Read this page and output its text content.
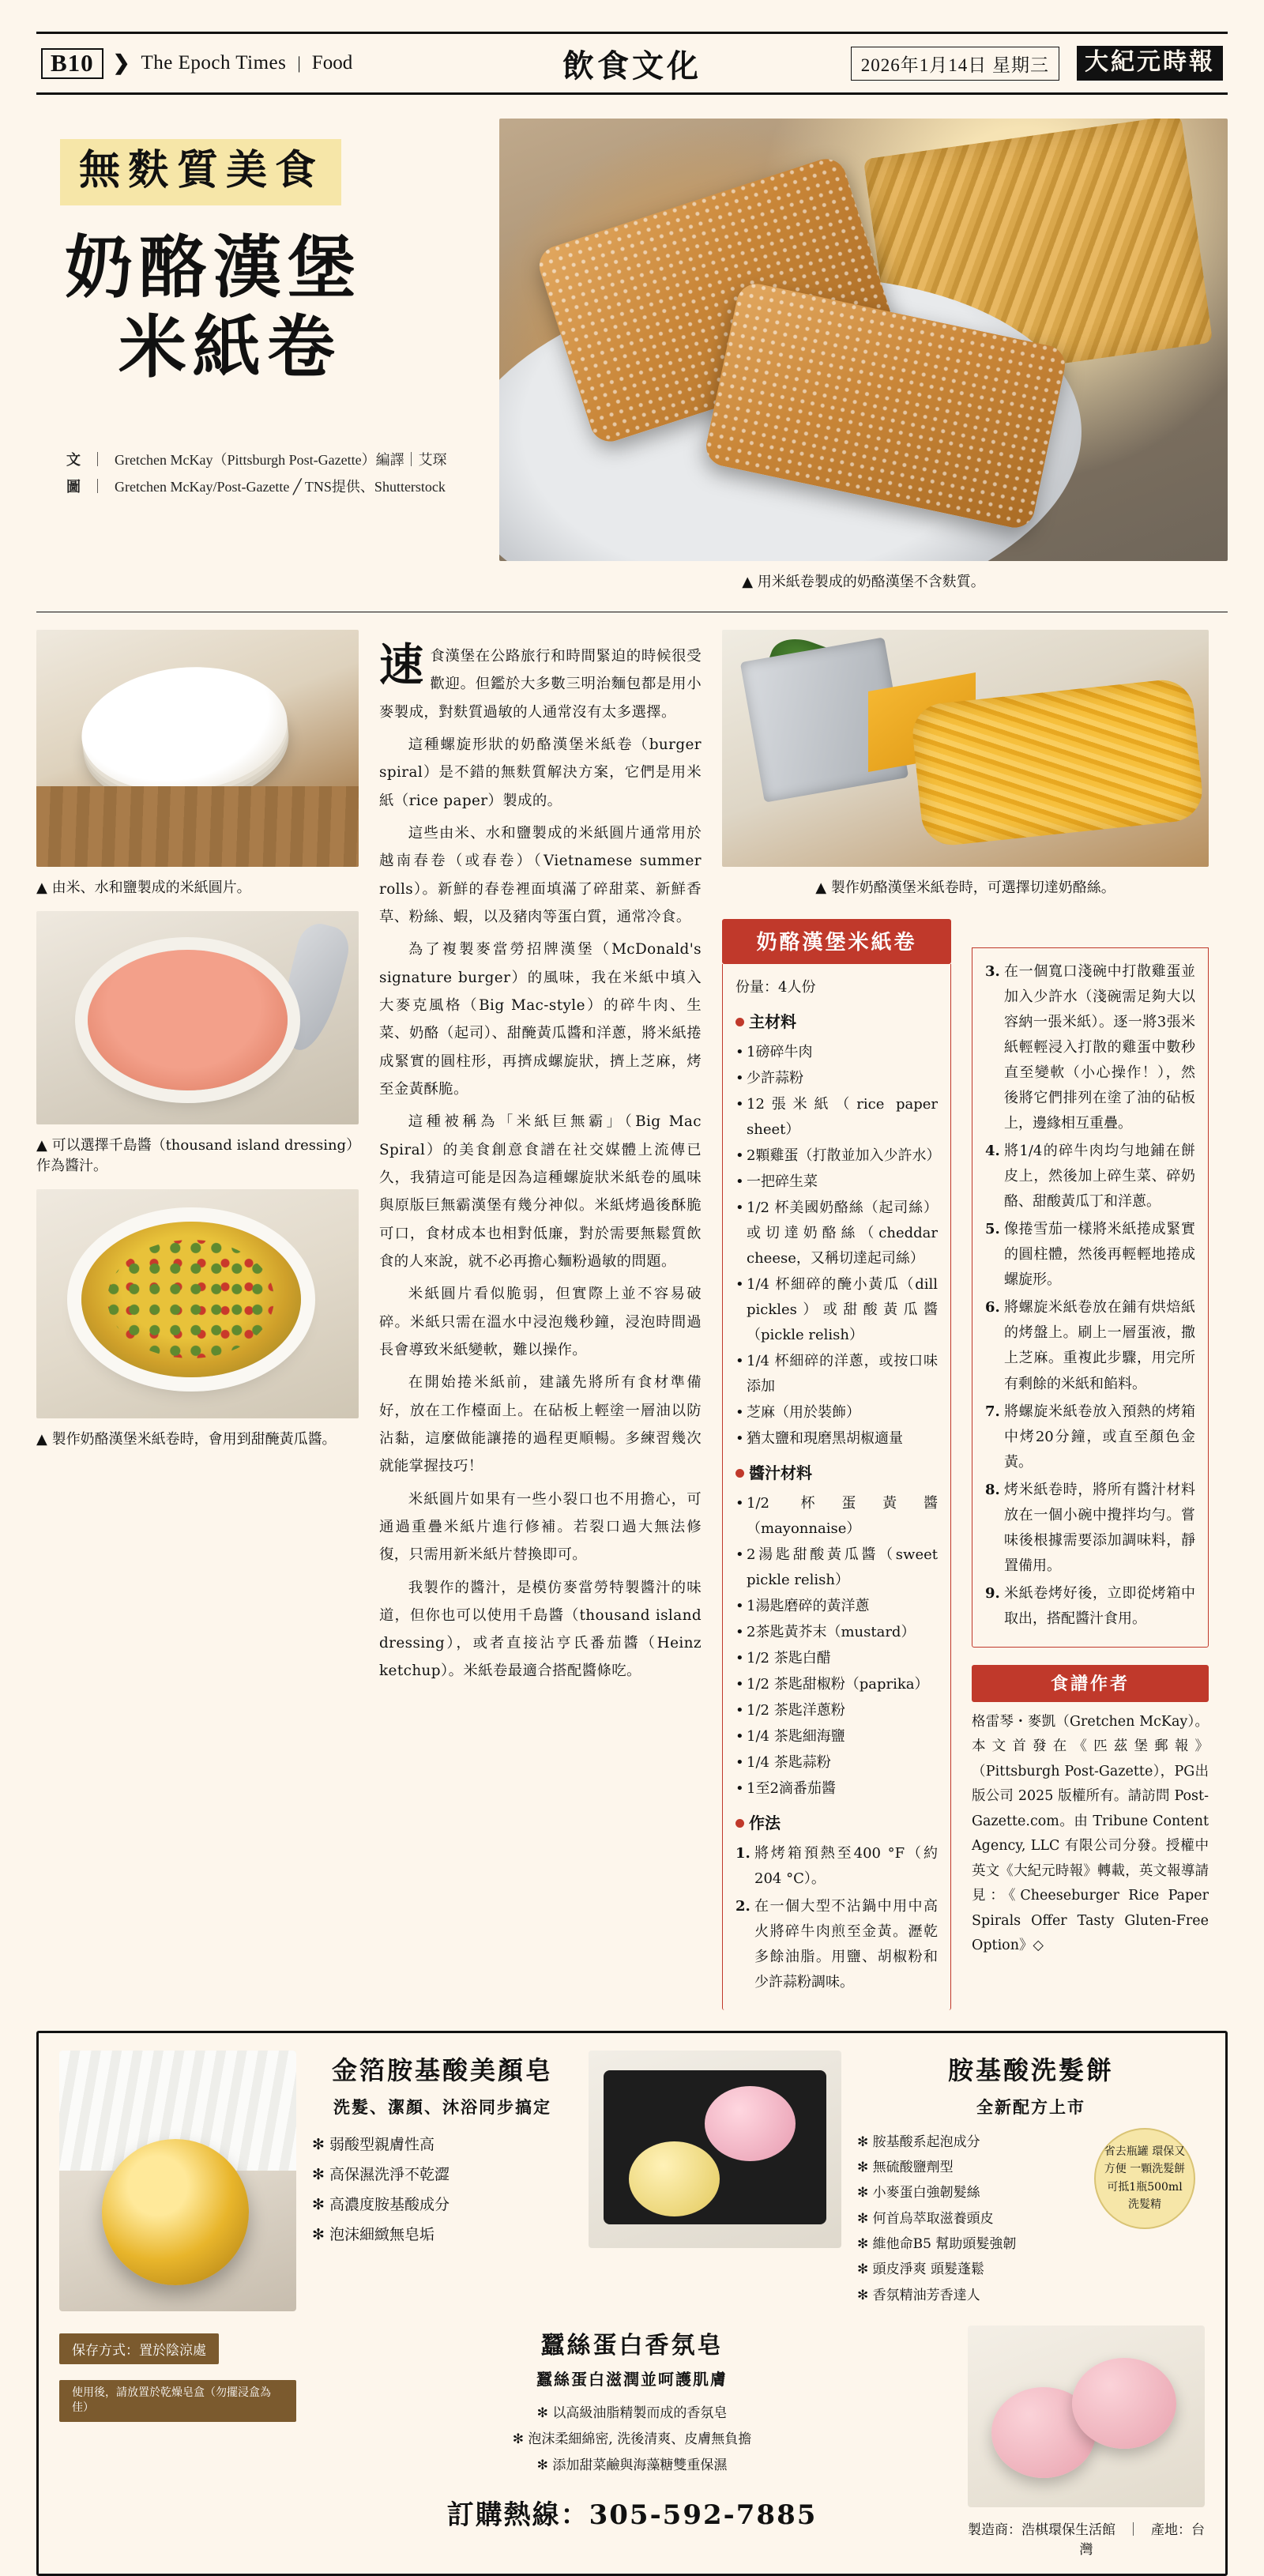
B10 ❯ The Epoch Times | Food	飲食文化	2026年1月14日 星期三	大紀元時報
無麩質美食
奶酪漢堡
米紙卷
文 ｜ Gretchen McKay（Pittsburgh Post-Gazette）編譯｜艾琛
圖 ｜ Gretchen McKay/Post-Gazette ╱ TNS提供、Shutterstock
▲ 用米紙卷製成的奶酪漢堡不含麩質。
▲ 由米、水和鹽製成的米紙圓片。
▲ 可以選擇千島醬（thousand island dressing）作為醬汁。
▲ 製作奶酪漢堡米紙卷時，會用到甜醃黃瓜醬。

速食漢堡在公路旅行和時間緊迫的時候很受歡迎。但鑑於大多數三明治麵包都是用小麥製成，對麩質過敏的人通常沒有太多選擇。

這種螺旋形狀的奶酪漢堡米紙卷（burger spiral）是不錯的無麩質解決方案，它們是用米紙（rice paper）製成的。

這些由米、水和鹽製成的米紙圓片通常用於越南春卷（或春卷）（Vietnamese summer rolls）。新鮮的春卷裡面填滿了碎甜菜、新鮮香草、粉絲、蝦，以及豬肉等蛋白質，通常冷食。

為了複製麥當勞招牌漢堡（McDonald's signature burger）的風味，我在米紙中填入大麥克風格（Big Mac-style）的碎牛肉、生菜、奶酪（起司）、甜醃黃瓜醬和洋蔥，將米紙捲成緊實的圓柱形，再擠成螺旋狀，擠上芝麻，烤至金黃酥脆。

這種被稱為「米紙巨無霸」（Big Mac Spiral）的美食創意食譜在社交媒體上流傳已久，我猜這可能是因為這種螺旋狀米紙卷的風味與原版巨無霸漢堡有幾分神似。米紙烤過後酥脆可口，食材成本也相對低廉，對於需要無鬆質飲食的人來說，就不必再擔心麵粉過敏的問題。

米紙圓片看似脆弱，但實際上並不容易破碎。米紙只需在溫水中浸泡幾秒鐘，浸泡時間過長會導致米紙變軟，難以操作。

在開始捲米紙前，建議先將所有食材準備好，放在工作檯面上。在砧板上輕塗一層油以防沾黏，這麼做能讓捲的過程更順暢。多練習幾次就能掌握技巧！

米紙圓片如果有一些小裂口也不用擔心，可通過重疊米紙片進行修補。若裂口過大無法修復，只需用新米紙片替換即可。

我製作的醬汁，是模仿麥當勞特製醬汁的味道，但你也可以使用千島醬（thousand island dressing），或者直接沾亨氏番茄醬（Heinz ketchup）。米紙卷最適合搭配醬條吃。

▲ 製作奶酪漢堡米紙卷時，可選擇切達奶酪絲。
奶酪漢堡米紙卷
份量：4人份
主材料
• 1磅碎牛肉
• 少許蒜粉
• 12張米紙（rice paper sheet）
• 2顆雞蛋（打散並加入少許水）
• 一把碎生菜
• 1/2 杯美國奶酪絲（起司絲）或切達奶酪絲（cheddar cheese，又稱切達起司絲）
• 1/4 杯細碎的醃小黃瓜（dill pickles）或甜酸黃瓜醬（pickle relish）
• 1/4 杯細碎的洋蔥，或按口味添加
• 芝麻（用於裝飾）
• 猶太鹽和現磨黑胡椒適量
醬汁材料
• 1/2 杯蛋黃醬（mayonnaise）
• 2湯匙甜酸黃瓜醬（sweet pickle relish）
• 1湯匙磨碎的黃洋蔥
• 2茶匙黃芥末（mustard）
• 1/2 茶匙白醋
• 1/2 茶匙甜椒粉（paprika）
• 1/2 茶匙洋蔥粉
• 1/4 茶匙細海鹽
• 1/4 茶匙蒜粉
• 1至2滴番茄醬
作法
將烤箱預熱至400 °F（約204 °C）。
在一個大型不沾鍋中用中高火將碎牛肉煎至金黃。瀝乾多餘油脂。用鹽、胡椒粉和少許蒜粉調味。
在一個寬口淺碗中打散雞蛋並加入少許水（淺碗需足夠大以容納一張米紙）。逐一將3張米紙輕輕浸入打散的雞蛋中數秒直至變軟（小心操作！），然後將它們排列在塗了油的砧板上，邊緣相互重疊。
將1/4的碎牛肉均勻地鋪在餅皮上，然後加上碎生菜、碎奶酪、甜酸黃瓜丁和洋蔥。
像捲雪茄一樣將米紙捲成緊實的圓柱體，然後再輕輕地捲成螺旋形。
將螺旋米紙卷放在鋪有烘焙紙的烤盤上。刷上一層蛋液，撒上芝麻。重複此步驟，用完所有剩餘的米紙和餡料。
將螺旋米紙卷放入預熱的烤箱中烤20分鐘，或直至顏色金黃。
烤米紙卷時，將所有醬汁材料放在一個小碗中攪拌均勻。嘗味後根據需要添加調味料，靜置備用。
米紙卷烤好後，立即從烤箱中取出，搭配醬汁食用。
食譜作者
格雷琴・麥凱（Gretchen McKay）。本文首發在《匹茲堡郵報》（Pittsburgh Post-Gazette），PG出版公司 2025 版權所有。請訪問 Post-Gazette.com。由 Tribune Content Agency, LLC 有限公司分發。授權中英文《大紀元時報》轉載，英文報導請見：《Cheeseburger Rice Paper Spirals Offer Tasty Gluten-Free Option》◇
金箔胺基酸美顏皂
洗髮、潔顏、沐浴同步搞定
✻ 弱酸型親膚性高
✻ 高保濕洗淨不乾澀
✻ 高濃度胺基酸成分
✻ 泡沫細緻無皂垢
胺基酸洗髮餅
全新配方上市
✻ 胺基酸系起泡成分
✻ 無硫酸鹽劑型
✻ 小麥蛋白強韌髮絲
✻ 何首烏萃取滋養頭皮
✻ 維他命B5 幫助頭髮強韌
✻ 頭皮淨爽 頭髮蓬鬆
✻ 香氛精油芳香達人
省去瓶罐 環保又方便 一顆洗髮餅 可抵1瓶500ml 洗髮精
保存方式：置於陰涼處
使用後，請放置於乾燥皂盒（勿擺浸盒為佳）
蠶絲蛋白香氛皂
蠶絲蛋白滋潤並呵護肌膚
✻ 以高級油脂精製而成的香氛皂
✻ 泡沫柔細綿密, 洗後清爽、皮膚無負擔
✻ 添加甜菜鹼與海藻糖雙重保濕
訂購熱線：305-592-7885	製造商：浩棋環保生活館 ｜ 產地：台灣
